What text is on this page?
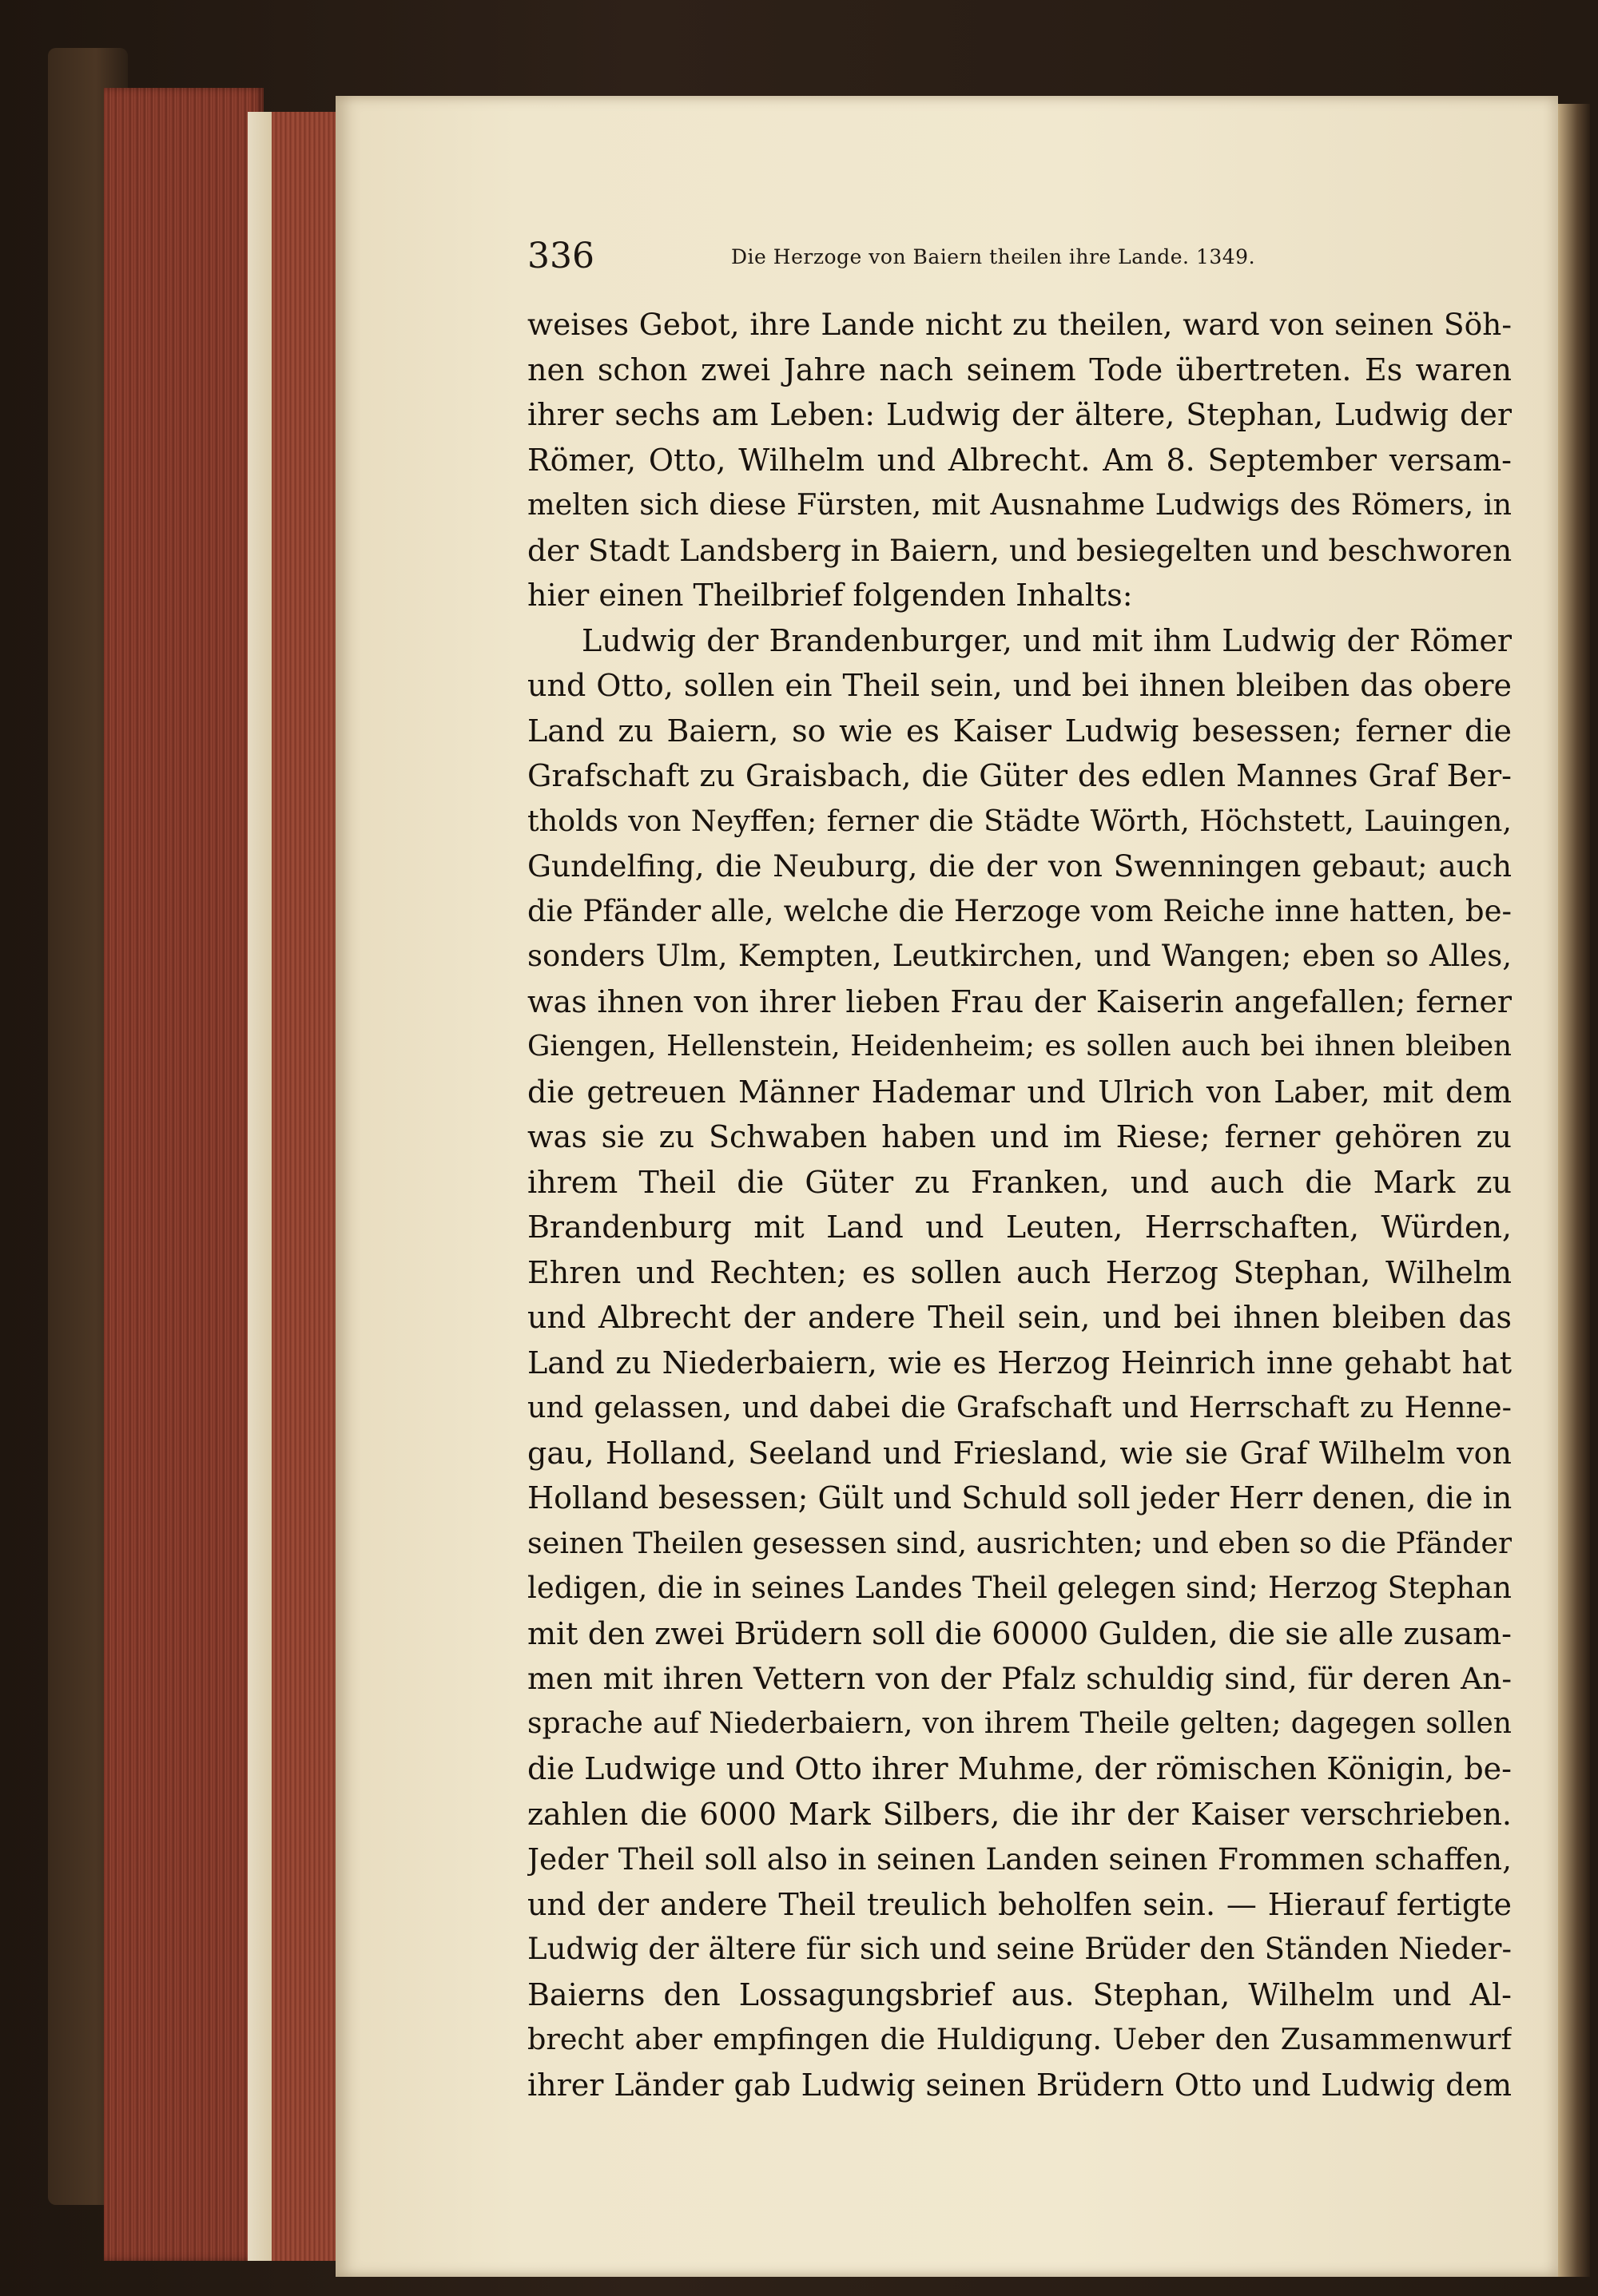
336	Die Herzoge von Baiern theilen ihre Lande. 1349.
weises Gebot, ihre Lande nicht zu theilen, ward von seinen Söh-
nen schon zwei Jahre nach seinem Tode übertreten. Es waren
ihrer sechs am Leben: Ludwig der ältere, Stephan, Ludwig der
Römer, Otto, Wilhelm und Albrecht. Am 8. September versam-
melten sich diese Fürsten, mit Ausnahme Ludwigs des Römers, in
der Stadt Landsberg in Baiern, und besiegelten und beschworen
hier einen Theilbrief folgenden Inhalts:
Ludwig der Brandenburger, und mit ihm Ludwig der Römer
und Otto, sollen ein Theil sein, und bei ihnen bleiben das obere
Land zu Baiern, so wie es Kaiser Ludwig besessen; ferner die
Grafschaft zu Graisbach, die Güter des edlen Mannes Graf Ber-
tholds von Neyffen; ferner die Städte Wörth, Höchstett, Lauingen,
Gundelfing, die Neuburg, die der von Swenningen gebaut; auch
die Pfänder alle, welche die Herzoge vom Reiche inne hatten, be-
sonders Ulm, Kempten, Leutkirchen, und Wangen; eben so Alles,
was ihnen von ihrer lieben Frau der Kaiserin angefallen; ferner
Giengen, Hellenstein, Heidenheim; es sollen auch bei ihnen bleiben
die getreuen Männer Hademar und Ulrich von Laber, mit dem
was sie zu Schwaben haben und im Riese; ferner gehören zu
ihrem Theil die Güter zu Franken, und auch die Mark zu
Brandenburg mit Land und Leuten, Herrschaften, Würden,
Ehren und Rechten; es sollen auch Herzog Stephan, Wilhelm
und Albrecht der andere Theil sein, und bei ihnen bleiben das
Land zu Niederbaiern, wie es Herzog Heinrich inne gehabt hat
und gelassen, und dabei die Grafschaft und Herrschaft zu Henne-
gau, Holland, Seeland und Friesland, wie sie Graf Wilhelm von
Holland besessen; Gült und Schuld soll jeder Herr denen, die in
seinen Theilen gesessen sind, ausrichten; und eben so die Pfänder
ledigen, die in seines Landes Theil gelegen sind; Herzog Stephan
mit den zwei Brüdern soll die 60000 Gulden, die sie alle zusam-
men mit ihren Vettern von der Pfalz schuldig sind, für deren An-
sprache auf Niederbaiern, von ihrem Theile gelten; dagegen sollen
die Ludwige und Otto ihrer Muhme, der römischen Königin, be-
zahlen die 6000 Mark Silbers, die ihr der Kaiser verschrieben.
Jeder Theil soll also in seinen Landen seinen Frommen schaffen,
und der andere Theil treulich beholfen sein. — Hierauf fertigte
Ludwig der ältere für sich und seine Brüder den Ständen Nieder-
Baierns den Lossagungsbrief aus. Stephan, Wilhelm und Al-
brecht aber empfingen die Huldigung. Ueber den Zusammenwurf
ihrer Länder gab Ludwig seinen Brüdern Otto und Ludwig dem
